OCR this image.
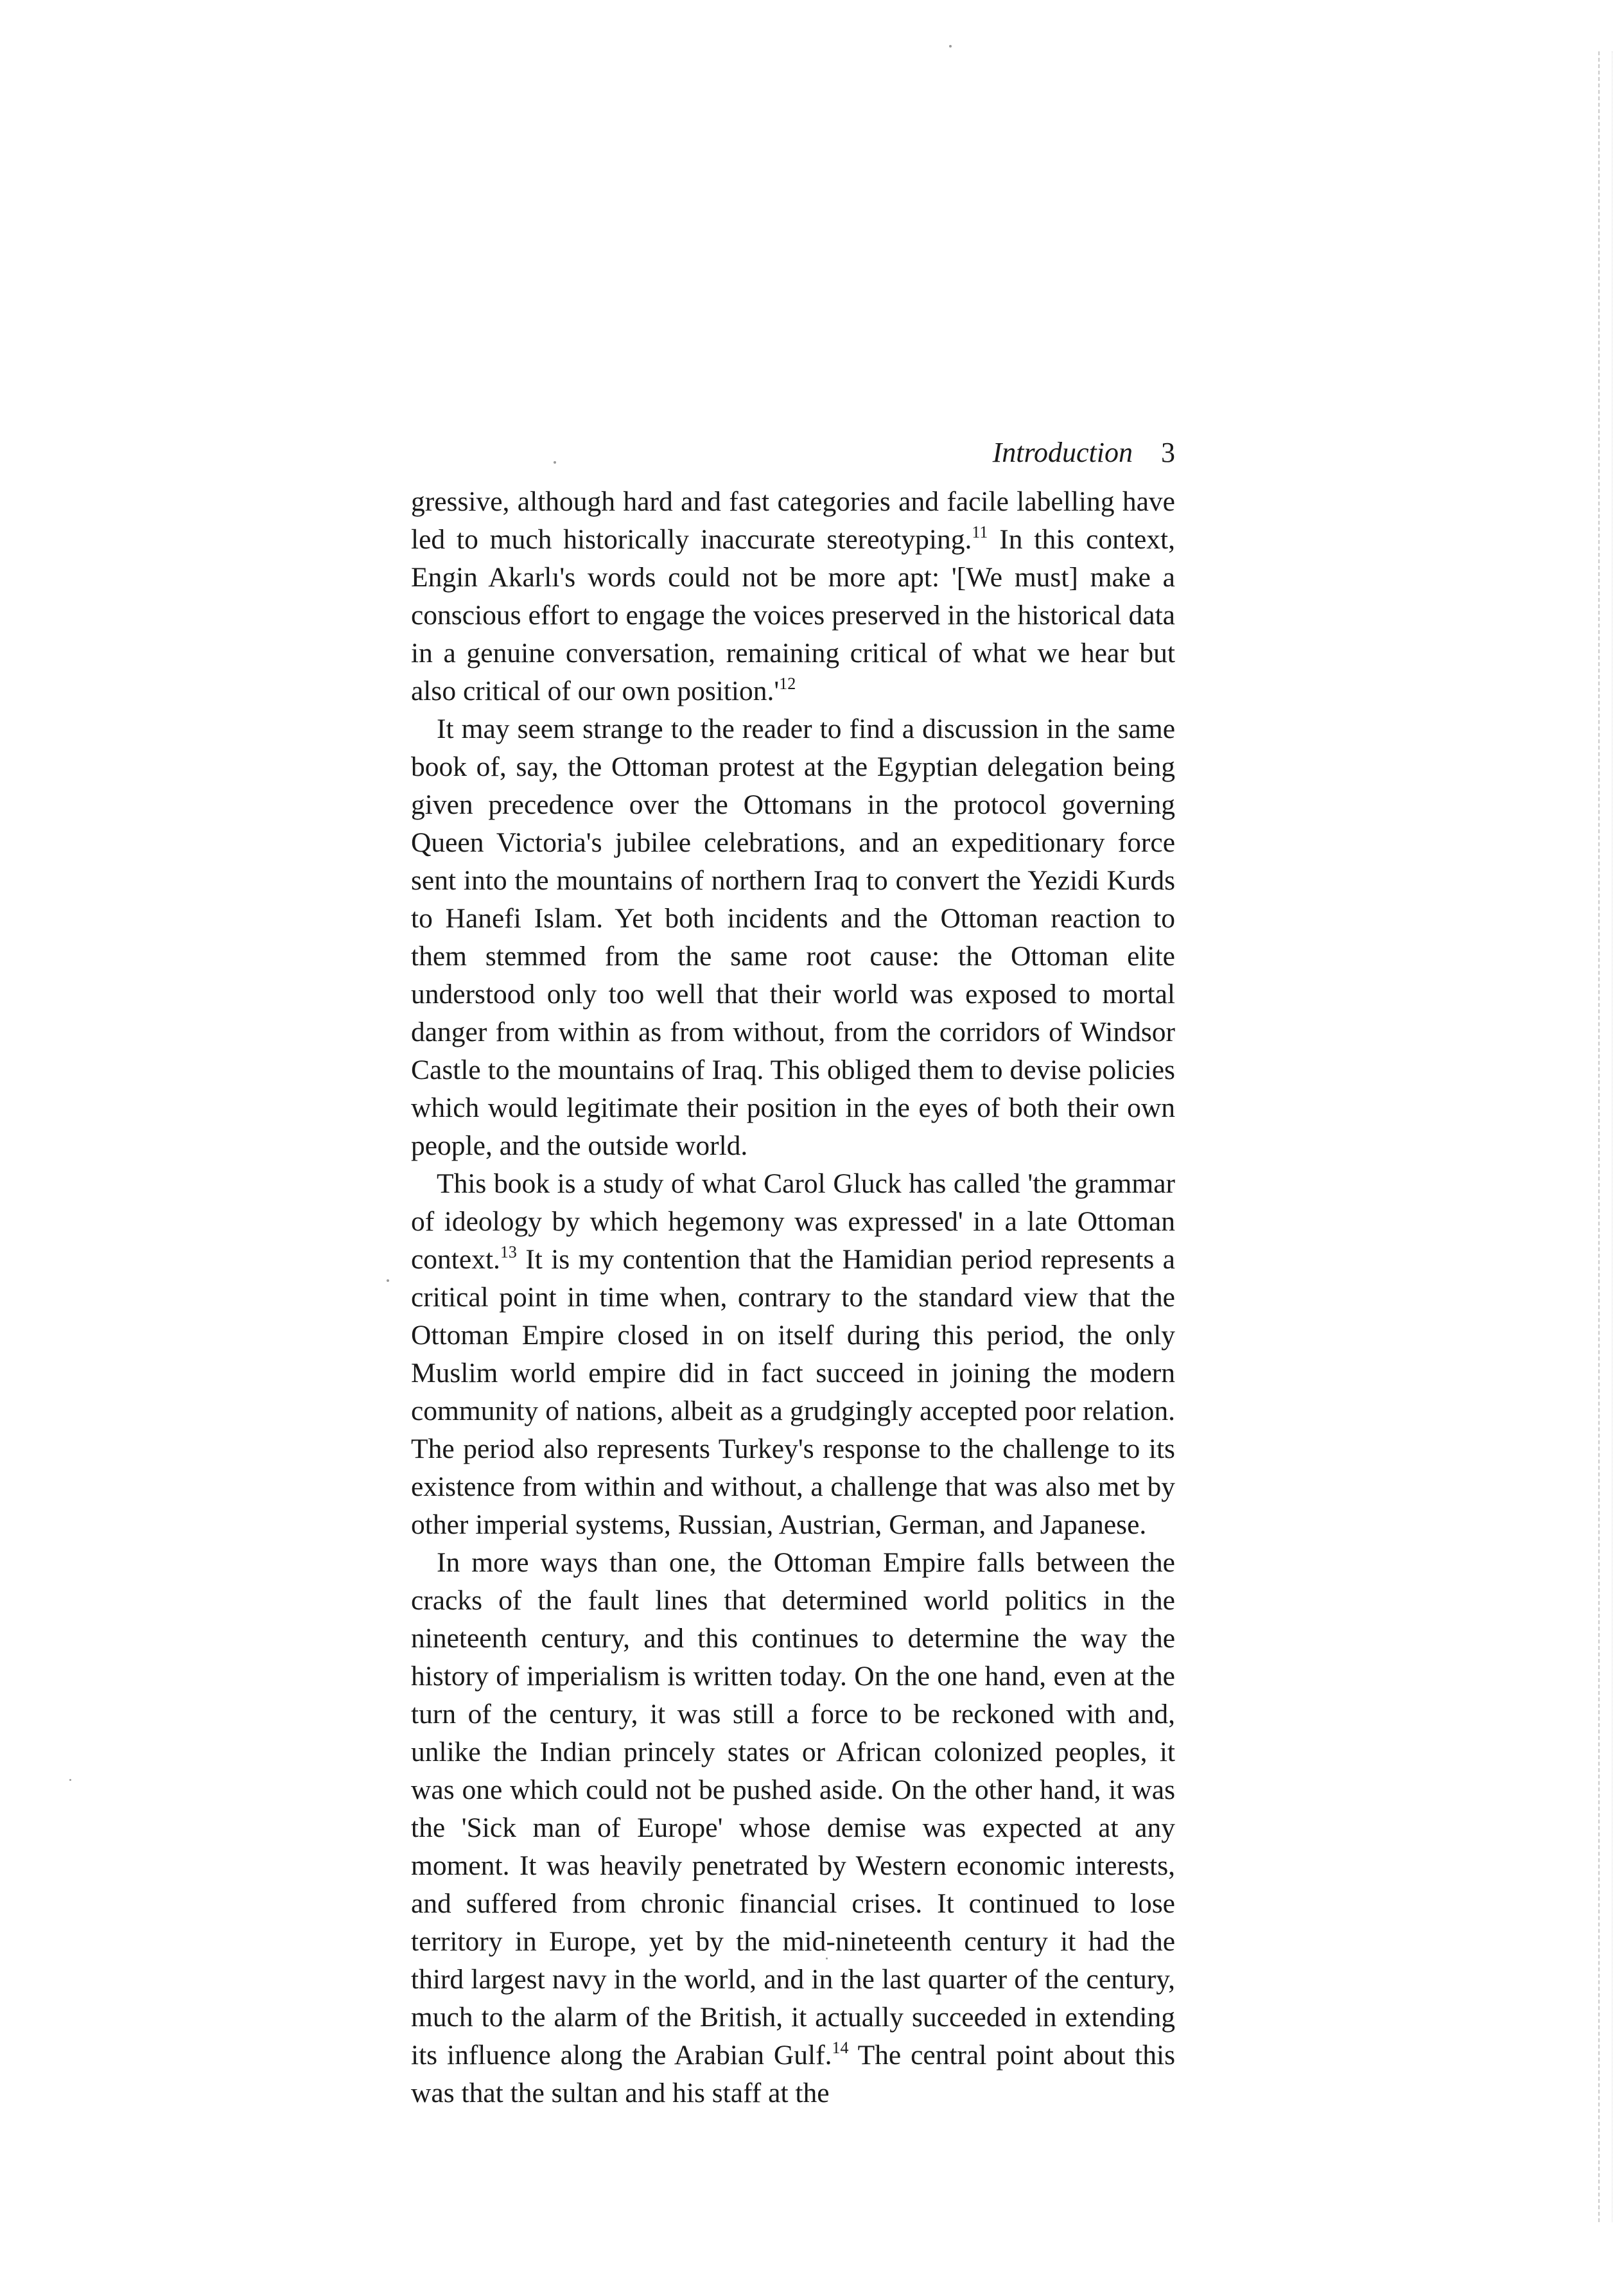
Introduction 3

gressive, although hard and fast categories and facile labelling have led to much historically inaccurate stereotyping.$^{11}$ In this context, Engin Akarlı's words could not be more apt: '[We must] make a conscious effort to engage the voices preserved in the historical data in a genuine conversation, remaining critical of what we hear but also critical of our own position.'$^{12}$

It may seem strange to the reader to find a discussion in the same book of, say, the Ottoman protest at the Egyptian delegation being given precedence over the Ottomans in the protocol governing Queen Victoria's jubilee celebrations, and an expeditionary force sent into the mountains of northern Iraq to convert the Yezidi Kurds to Hanefi Islam. Yet both incidents and the Ottoman reaction to them stemmed from the same root cause: the Ottoman elite understood only too well that their world was exposed to mortal danger from within as from without, from the corridors of Windsor Castle to the mountains of Iraq. This obliged them to devise policies which would legitimate their position in the eyes of both their own people, and the outside world.

This book is a study of what Carol Gluck has called 'the grammar of ideology by which hegemony was expressed' in a late Ottoman context.$^{13}$ It is my contention that the Hamidian period represents a critical point in time when, contrary to the standard view that the Ottoman Empire closed in on itself during this period, the only Muslim world empire did in fact succeed in joining the modern community of nations, albeit as a grudgingly accepted poor relation. The period also represents Turkey's response to the challenge to its existence from within and without, a challenge that was also met by other imperial systems, Russian, Austrian, German, and Japanese.

In more ways than one, the Ottoman Empire falls between the cracks of the fault lines that determined world politics in the nineteenth century, and this continues to determine the way the history of imperialism is written today. On the one hand, even at the turn of the century, it was still a force to be reckoned with and, unlike the Indian princely states or African colonized peoples, it was one which could not be pushed aside. On the other hand, it was the 'Sick man of Europe' whose demise was expected at any moment. It was heavily penetrated by Western economic interests, and suffered from chronic financial crises. It continued to lose territory in Europe, yet by the mid-nineteenth century it had the third largest navy in the world, and in the last quarter of the century, much to the alarm of the British, it actually succeeded in extending its influence along the Arabian Gulf.$^{14}$ The central point about this was that the sultan and his staff at the
